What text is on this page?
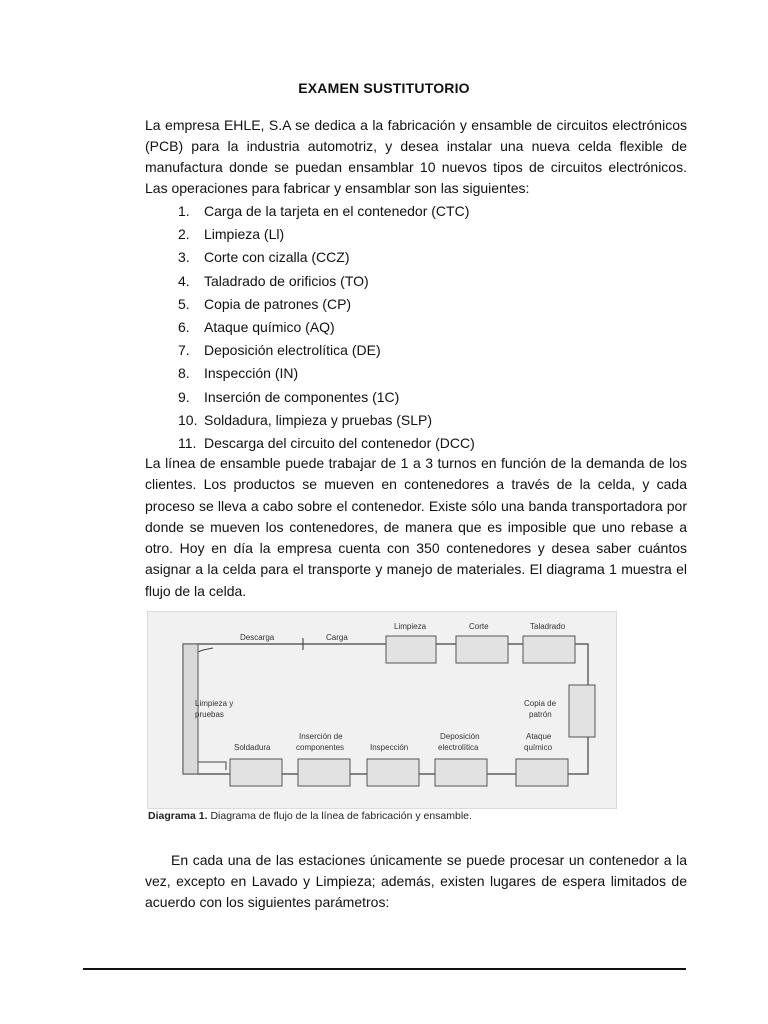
EXAMEN SUSTITUTORIO

La empresa EHLE, S.A se dedica a la fabricación y ensamble de circuitos electrónicos (PCB) para la industria automotriz, y desea instalar una nueva celda flexible de manufactura donde se puedan ensamblar 10 nuevos tipos de circuitos electrónicos. Las operaciones para fabricar y ensamblar son las siguientes:

1.	Carga de la tarjeta en el contenedor (CTC)
2.	Limpieza (Ll)
3.	Corte con cizalla (CCZ)
4.	Taladrado de orificios (TO)
5.	Copia de patrones (CP)
6.	Ataque químico (AQ)
7.	Deposición electrolítica (DE)
8.	Inspección (IN)
9.	Inserción de componentes (1C)
10. Soldadura, limpieza y pruebas (SLP)
11. Descarga del circuito del contenedor (DCC)

La línea de ensamble puede trabajar de 1 a 3 turnos en función de la demanda de los clientes. Los productos se mueven en contenedores a través de la celda, y cada proceso se lleva a cabo sobre el contenedor. Existe sólo una banda transportadora por donde se mueven los contenedores, de manera que es imposible que uno rebase a otro. Hoy en día la empresa cuenta con 350 contenedores y desea saber cuántos asignar a la celda para el transporte y manejo de materiales. El diagrama 1 muestra el flujo de la celda.

Descarga	Carga
Limpieza	Corte	Taladrado
Copia de
patrón
Limpieza y
pruebas
Soldadura
Inserción de
componentes	Inspección
Deposición
electrolítica
Ataque
químico
Diagrama 1. Diagrama de flujo de la línea de fabricación y ensamble.

En cada una de las estaciones únicamente se puede procesar un contenedor a la vez, excepto en Lavado y Limpieza; además, existen lugares de espera limitados de acuerdo con los siguientes parámetros:
